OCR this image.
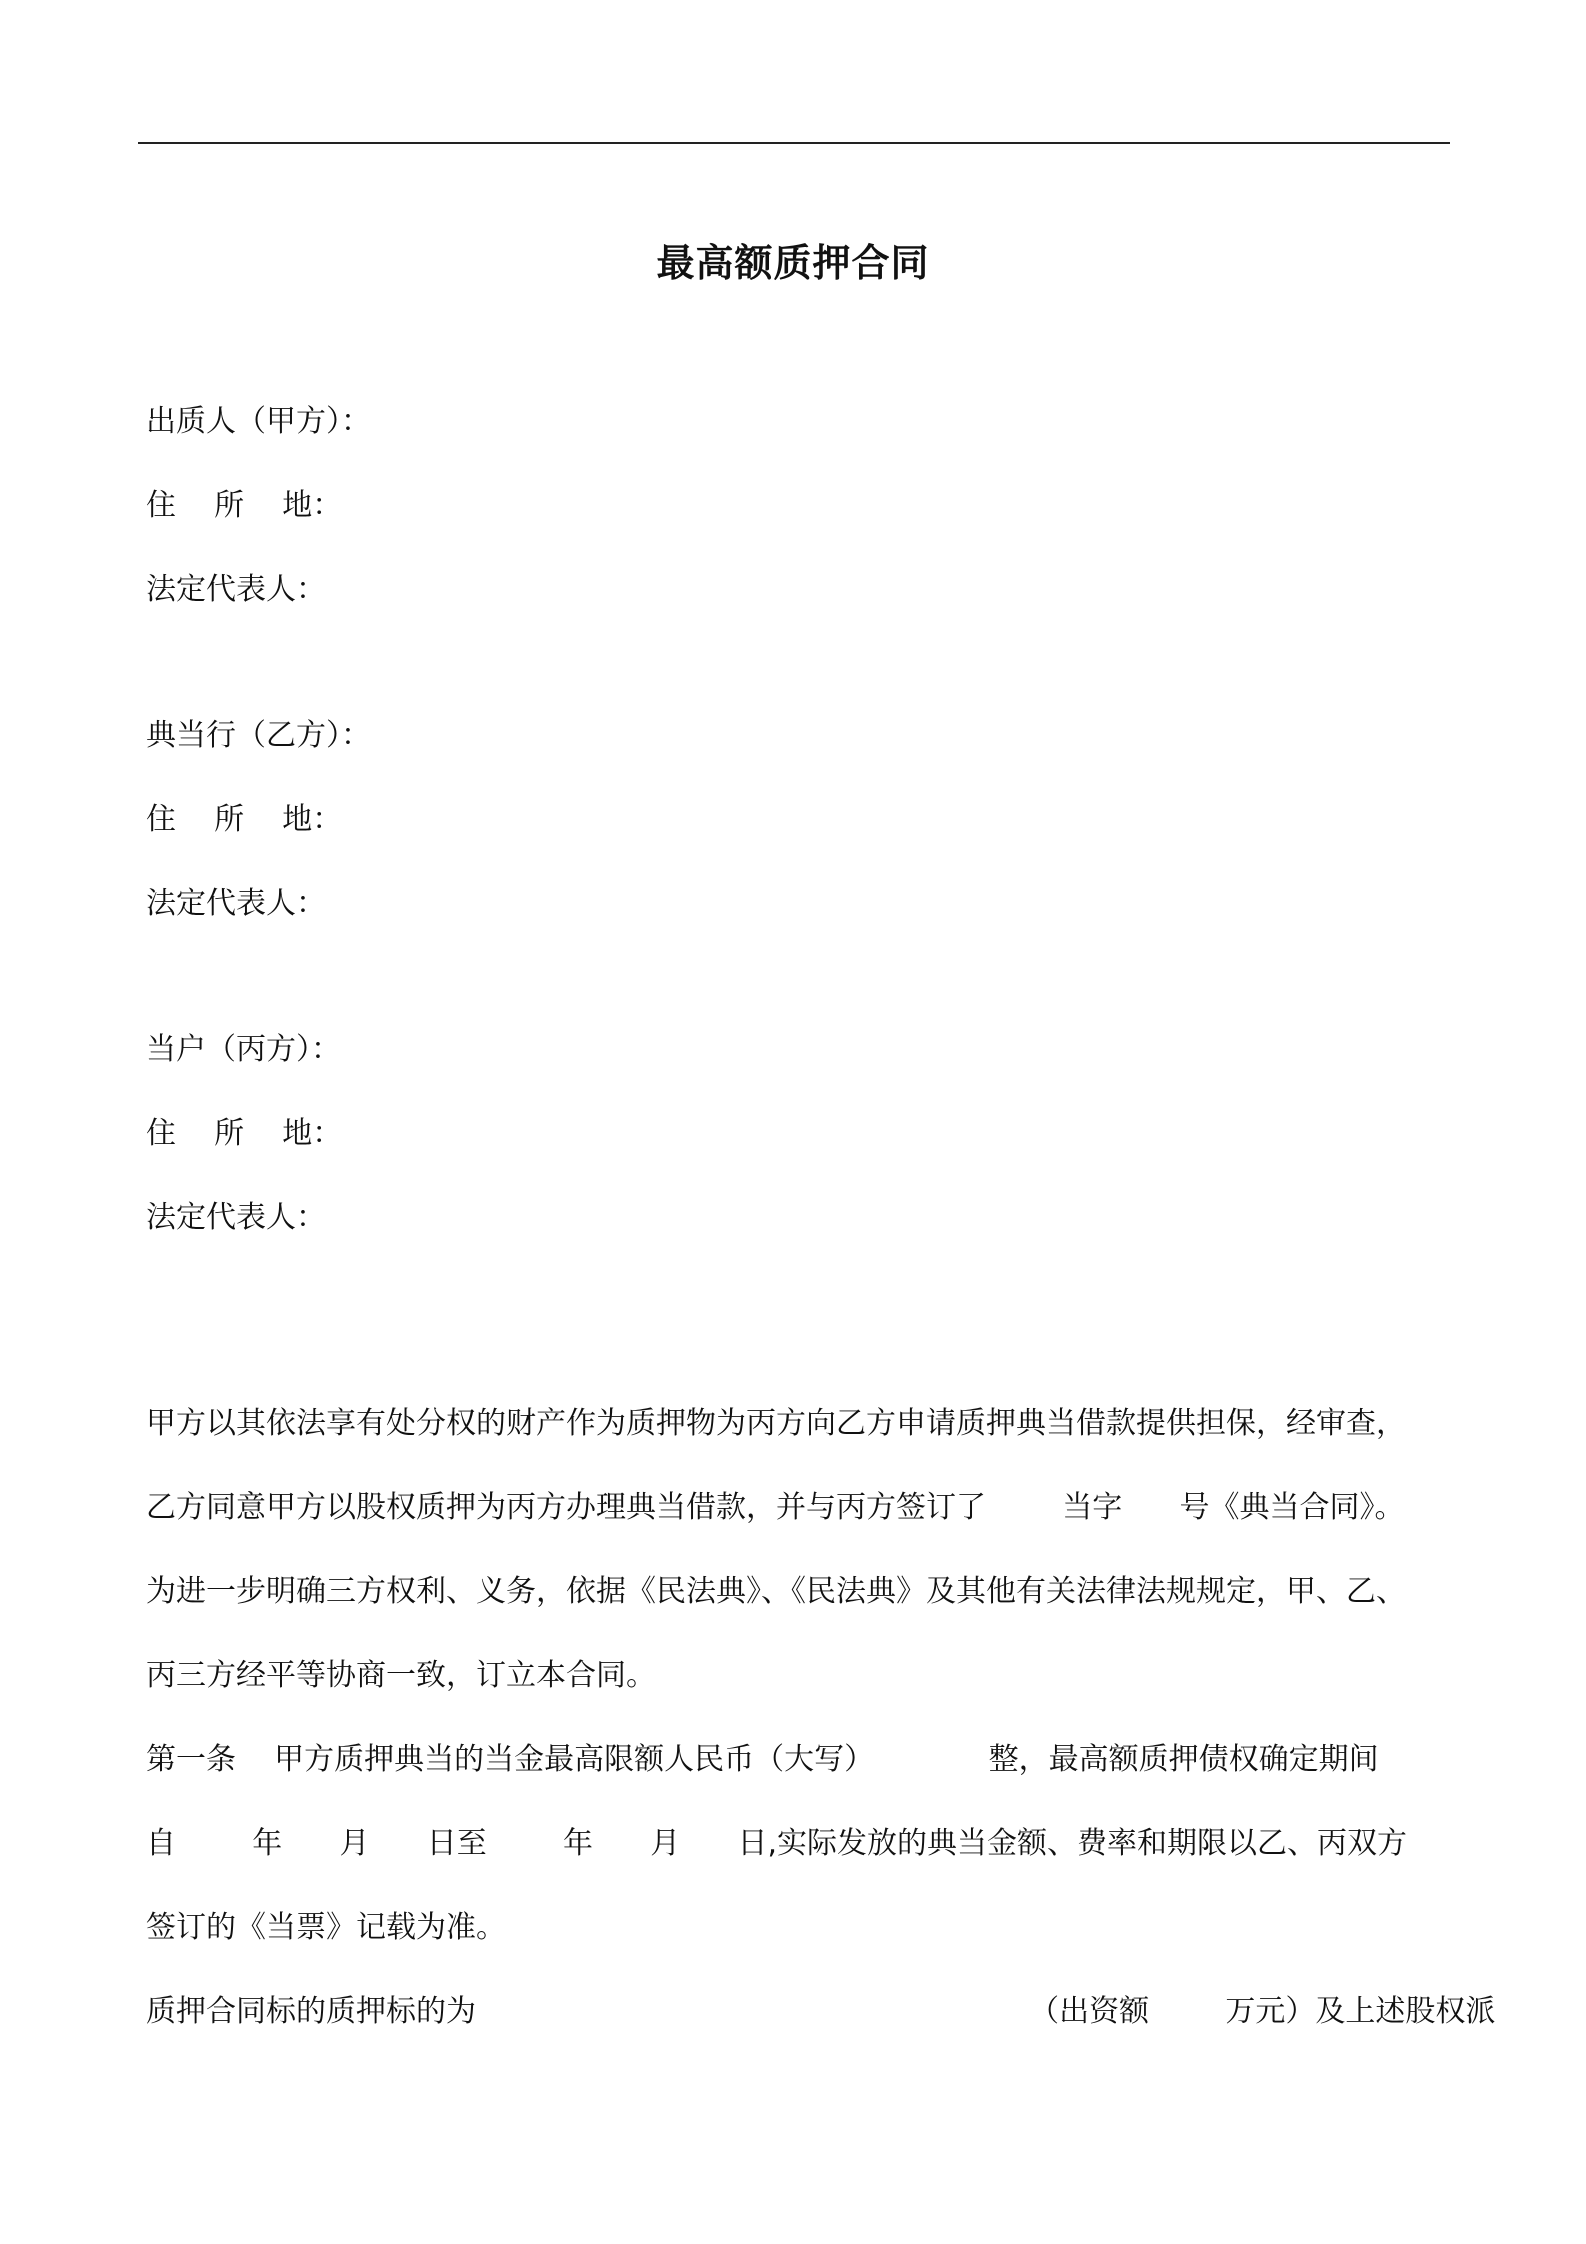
最高额质押合同
出质人（甲方）：
住    所    地：
法定代表人：
典当行（乙方）：
住    所    地：
法定代表人：
当户（丙方）：
住    所    地：
法定代表人：
甲方以其依法享有处分权的财产作为质押物为丙方向乙方申请质押典当借款提供担保，经审查，
乙方同意甲方以股权质押为丙方办理典当借款，并与丙方签订了        当字      号《典当合同》。
为进一步明确三方权利、义务，依据《民法典》、《民法典》及其他有关法律法规规定，甲、乙、
丙三方经平等协商一致，订立本合同。
第一条    甲方质押典当的当金最高限额人民币（大写）            整，最高额质押债权确定期间
自        年      月      日至        年      月      日,实际发放的典当金额、费率和期限以乙、丙双方
签订的《当票》记载为准。
质押合同标的质押标的为                                                          （出资额        万元）及上述股权派
